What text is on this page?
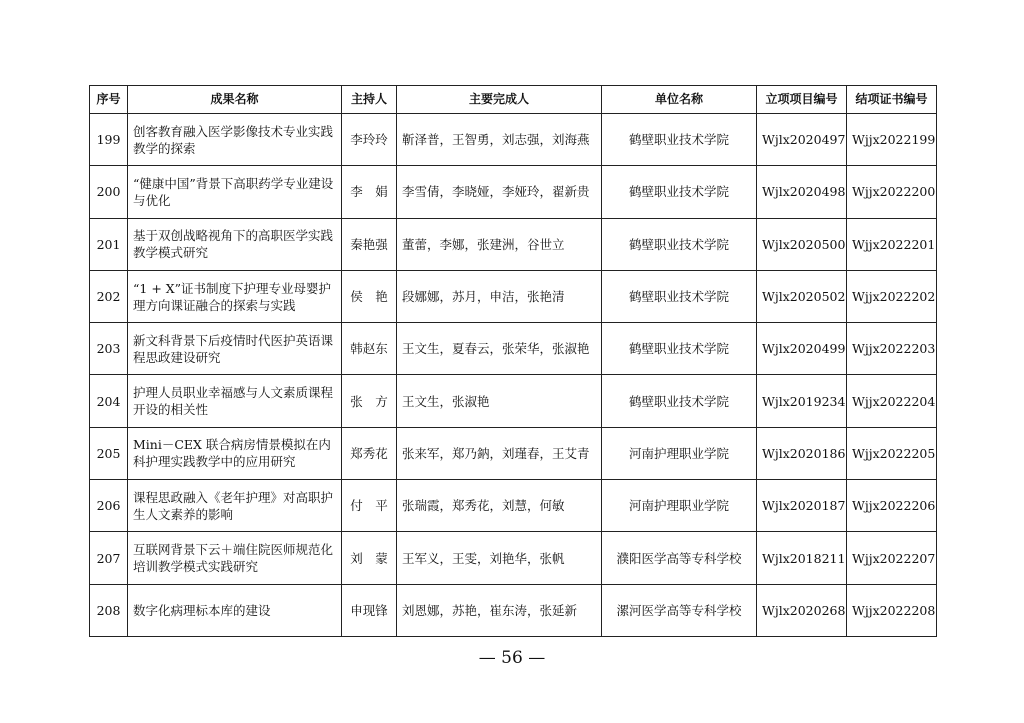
序号	成果名称	主持人	主要完成人	单位名称	立项项目编号	结项证书编号
199	创客教育融入医学影像技术专业实践教学的探索	李玲玲	靳泽普，王智勇，刘志强，刘海燕	鹤壁职业技术学院	Wjlx2020497	Wjjx2022199
200	“健康中国”背景下高职药学专业建设与优化	李　娟	李雪倩，李晓娅，李娅玲，翟新贵	鹤壁职业技术学院	Wjlx2020498	Wjjx2022200
201	基于双创战略视角下的高职医学实践教学模式研究	秦艳强	董蕾，李娜，张建洲，谷世立	鹤壁职业技术学院	Wjlx2020500	Wjjx2022201
202	“1 + X”证书制度下护理专业母婴护理方向课证融合的探索与实践	侯　艳	段娜娜，苏月，申洁，张艳清	鹤壁职业技术学院	Wjlx2020502	Wjjx2022202
203	新文科背景下后疫情时代医护英语课程思政建设研究	韩赵东	王文生，夏春云，张荣华，张淑艳	鹤壁职业技术学院	Wjlx2020499	Wjjx2022203
204	护理人员职业幸福感与人文素质课程开设的相关性	张　方	王文生，张淑艳	鹤壁职业技术学院	Wjlx2019234	Wjjx2022204
205	Mini－CEX 联合病房情景模拟在内科护理实践教学中的应用研究	郑秀花	张来军，郑乃鈉，刘瑾春，王艾青	河南护理职业学院	Wjlx2020186	Wjjx2022205
206	课程思政融入《老年护理》对高职护生人文素养的影响	付　平	张瑞霞，郑秀花，刘慧，何敏	河南护理职业学院	Wjlx2020187	Wjjx2022206
207	互联网背景下云＋端住院医师规范化培训教学模式实践研究	刘　蒙	王军义，王雯，刘艳华，张帆	濮阳医学高等专科学校	Wjlx2018211	Wjjx2022207
208	数字化病理标本库的建设	申现锋	刘恩娜，苏艳，崔东涛，张延新	漯河医学高等专科学校	Wjlx2020268	Wjjx2022208
— 56 —
